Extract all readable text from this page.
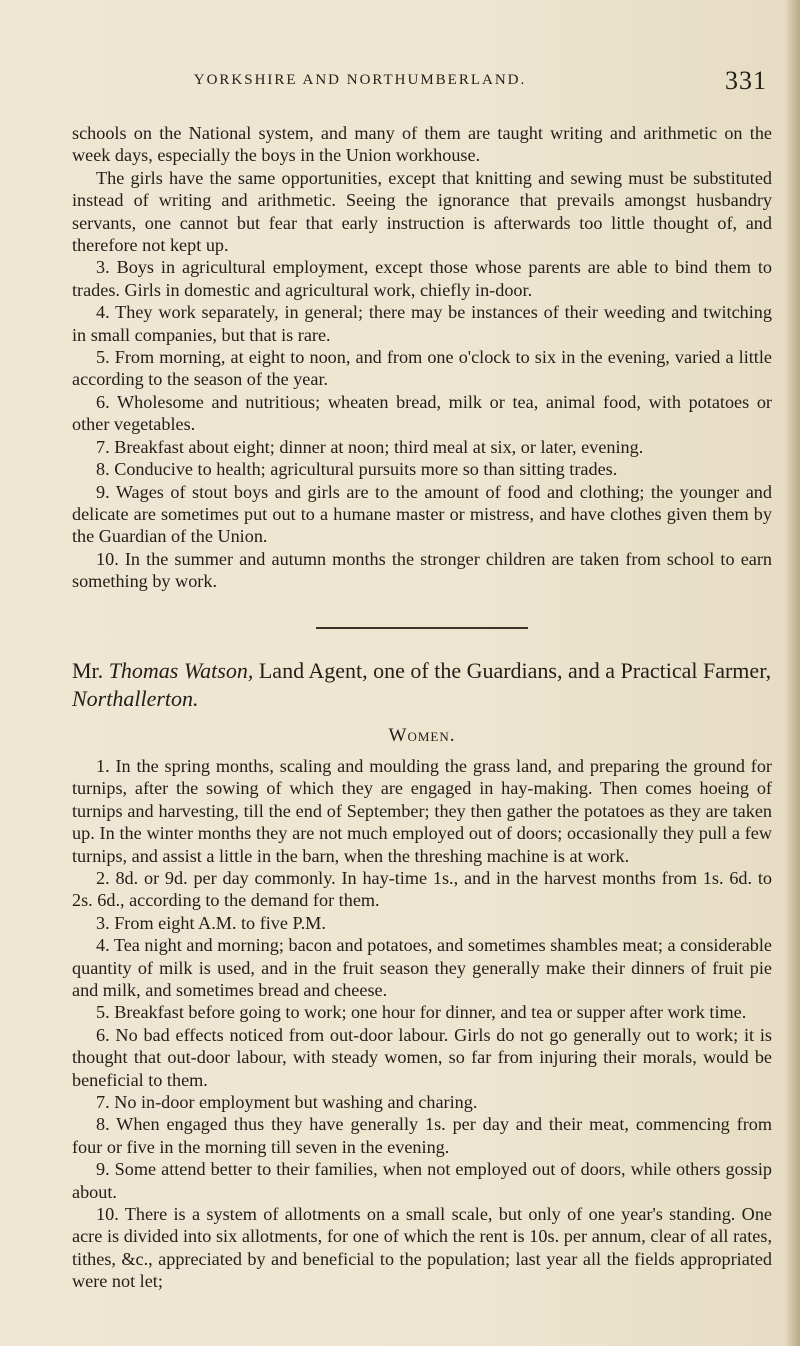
YORKSHIRE AND NORTHUMBERLAND.	331

schools on the National system, and many of them are taught writing and arithmetic on the week days, especially the boys in the Union workhouse.

The girls have the same opportunities, except that knitting and sewing must be substituted instead of writing and arithmetic. Seeing the ignorance that prevails amongst husbandry servants, one cannot but fear that early instruction is afterwards too little thought of, and therefore not kept up.

3. Boys in agricultural employment, except those whose parents are able to bind them to trades. Girls in domestic and agricultural work, chiefly in-door.

4. They work separately, in general; there may be instances of their weeding and twitching in small companies, but that is rare.

5. From morning, at eight to noon, and from one o'clock to six in the evening, varied a little according to the season of the year.

6. Wholesome and nutritious; wheaten bread, milk or tea, animal food, with potatoes or other vegetables.

7. Breakfast about eight; dinner at noon; third meal at six, or later, evening.

8. Conducive to health; agricultural pursuits more so than sitting trades.

9. Wages of stout boys and girls are to the amount of food and clothing; the younger and delicate are sometimes put out to a humane master or mistress, and have clothes given them by the Guardian of the Union.

10. In the summer and autumn months the stronger children are taken from school to earn something by work.

Mr. Thomas Watson, Land Agent, one of the Guardians, and a Practical Farmer, Northallerton.

Women.

1. In the spring months, scaling and moulding the grass land, and preparing the ground for turnips, after the sowing of which they are engaged in hay-making. Then comes hoeing of turnips and harvesting, till the end of September; they then gather the potatoes as they are taken up. In the winter months they are not much employed out of doors; occasionally they pull a few turnips, and assist a little in the barn, when the threshing machine is at work.

2. 8d. or 9d. per day commonly. In hay-time 1s., and in the harvest months from 1s. 6d. to 2s. 6d., according to the demand for them.

3. From eight A.M. to five P.M.

4. Tea night and morning; bacon and potatoes, and sometimes shambles meat; a considerable quantity of milk is used, and in the fruit season they generally make their dinners of fruit pie and milk, and sometimes bread and cheese.

5. Breakfast before going to work; one hour for dinner, and tea or supper after work time.

6. No bad effects noticed from out-door labour. Girls do not go generally out to work; it is thought that out-door labour, with steady women, so far from injuring their morals, would be beneficial to them.

7. No in-door employment but washing and charing.

8. When engaged thus they have generally 1s. per day and their meat, commencing from four or five in the morning till seven in the evening.

9. Some attend better to their families, when not employed out of doors, while others gossip about.

10. There is a system of allotments on a small scale, but only of one year's standing. One acre is divided into six allotments, for one of which the rent is 10s. per annum, clear of all rates, tithes, &c., appreciated by and beneficial to the population; last year all the fields appropriated were not let;
